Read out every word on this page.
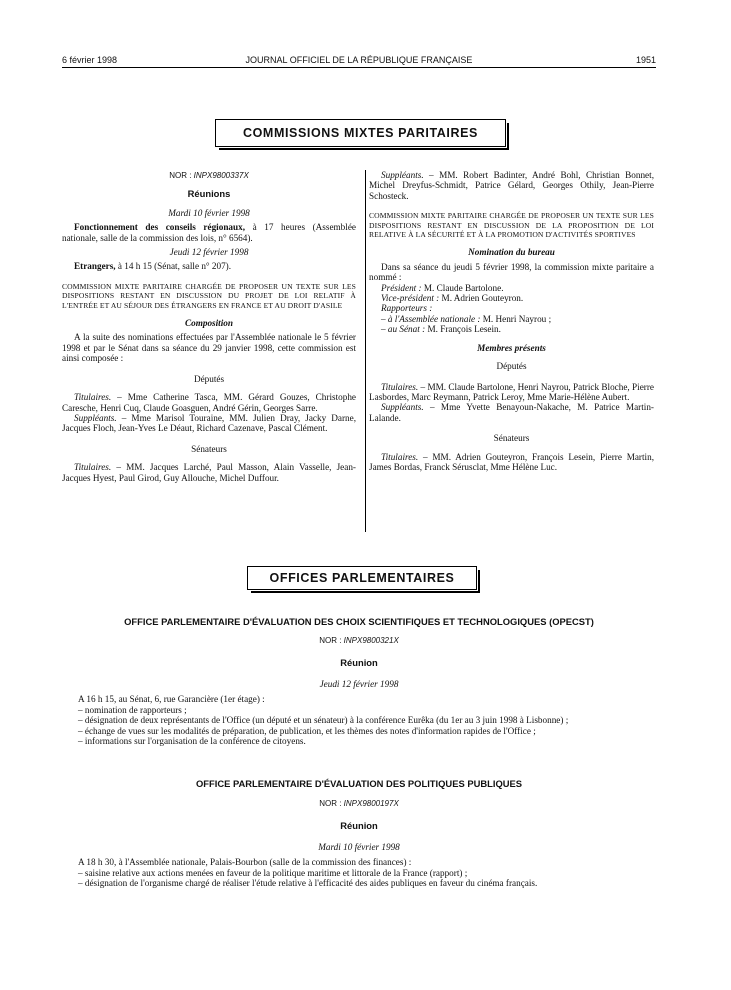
6 février 1998	JOURNAL OFFICIEL DE LA RÉPUBLIQUE FRANÇAISE	1951
COMMISSIONS MIXTES PARITAIRES

NOR : INPX9800337X

Réunions

Mardi 10 février 1998

Fonctionnement des conseils régionaux, à 17 heures (Assemblée nationale, salle de la commission des lois, n° 6564).

Jeudi 12 février 1998

Etrangers, à 14 h 15 (Sénat, salle n° 207).

COMMISSION MIXTE PARITAIRE CHARGÉE DE PROPOSER UN TEXTE SUR LES DISPOSITIONS RESTANT EN DISCUSSION DU PROJET DE LOI RELATIF À L'ENTRÉE ET AU SÉJOUR DES ÉTRANGERS EN FRANCE ET AU DROIT D'ASILE

Composition

A la suite des nominations effectuées par l'Assemblée nationale le 5 février 1998 et par le Sénat dans sa séance du 29 janvier 1998, cette commission est ainsi composée :

Députés

Titulaires. – Mme Catherine Tasca, MM. Gérard Gouzes, Christophe Caresche, Henri Cuq, Claude Goasguen, André Gérin, Georges Sarre.

Suppléants. – Mme Marisol Touraine, MM. Julien Dray, Jacky Darne, Jacques Floch, Jean-Yves Le Déaut, Richard Cazenave, Pascal Clément.

Sénateurs

Titulaires. – MM. Jacques Larché, Paul Masson, Alain Vasselle, Jean-Jacques Hyest, Paul Girod, Guy Allouche, Michel Duffour.

Suppléants. – MM. Robert Badinter, André Bohl, Christian Bonnet, Michel Dreyfus-Schmidt, Patrice Gélard, Georges Othily, Jean-Pierre Schosteck.

COMMISSION MIXTE PARITAIRE CHARGÉE DE PROPOSER UN TEXTE SUR LES DISPOSITIONS RESTANT EN DISCUSSION DE LA PROPOSITION DE LOI RELATIVE À LA SÉCURITÉ ET À LA PROMOTION D'ACTIVITÉS SPORTIVES

Nomination du bureau

Dans sa séance du jeudi 5 février 1998, la commission mixte paritaire a nommé :

Président : M. Claude Bartolone.

Vice-président : M. Adrien Gouteyron.

Rapporteurs :

– à l'Assemblée nationale : M. Henri Nayrou ;

– au Sénat : M. François Lesein.

Membres présents

Députés

Titulaires. – MM. Claude Bartolone, Henri Nayrou, Patrick Bloche, Pierre Lasbordes, Marc Reymann, Patrick Leroy, Mme Marie-Hélène Aubert.

Suppléants. – Mme Yvette Benayoun-Nakache, M. Patrice Martin-Lalande.

Sénateurs

Titulaires. – MM. Adrien Gouteyron, François Lesein, Pierre Martin, James Bordas, Franck Sérusclat, Mme Hélène Luc.

OFFICES PARLEMENTAIRES
OFFICE PARLEMENTAIRE D'ÉVALUATION DES CHOIX SCIENTIFIQUES ET TECHNOLOGIQUES (OPECST)
NOR : INPX9800321X
Réunion
Jeudi 12 février 1998

A 16 h 15, au Sénat, 6, rue Garancière (1er étage) :

– nomination de rapporteurs ;

– désignation de deux représentants de l'Office (un député et un sénateur) à la conférence Eurêka (du 1er au 3 juin 1998 à Lisbonne) ;

– échange de vues sur les modalités de préparation, de publication, et les thèmes des notes d'information rapides de l'Office ;

– informations sur l'organisation de la conférence de citoyens.

OFFICE PARLEMENTAIRE D'ÉVALUATION DES POLITIQUES PUBLIQUES
NOR : INPX9800197X
Réunion
Mardi 10 février 1998

A 18 h 30, à l'Assemblée nationale, Palais-Bourbon (salle de la commission des finances) :

– saisine relative aux actions menées en faveur de la politique maritime et littorale de la France (rapport) ;

– désignation de l'organisme chargé de réaliser l'étude relative à l'efficacité des aides publiques en faveur du cinéma français.
